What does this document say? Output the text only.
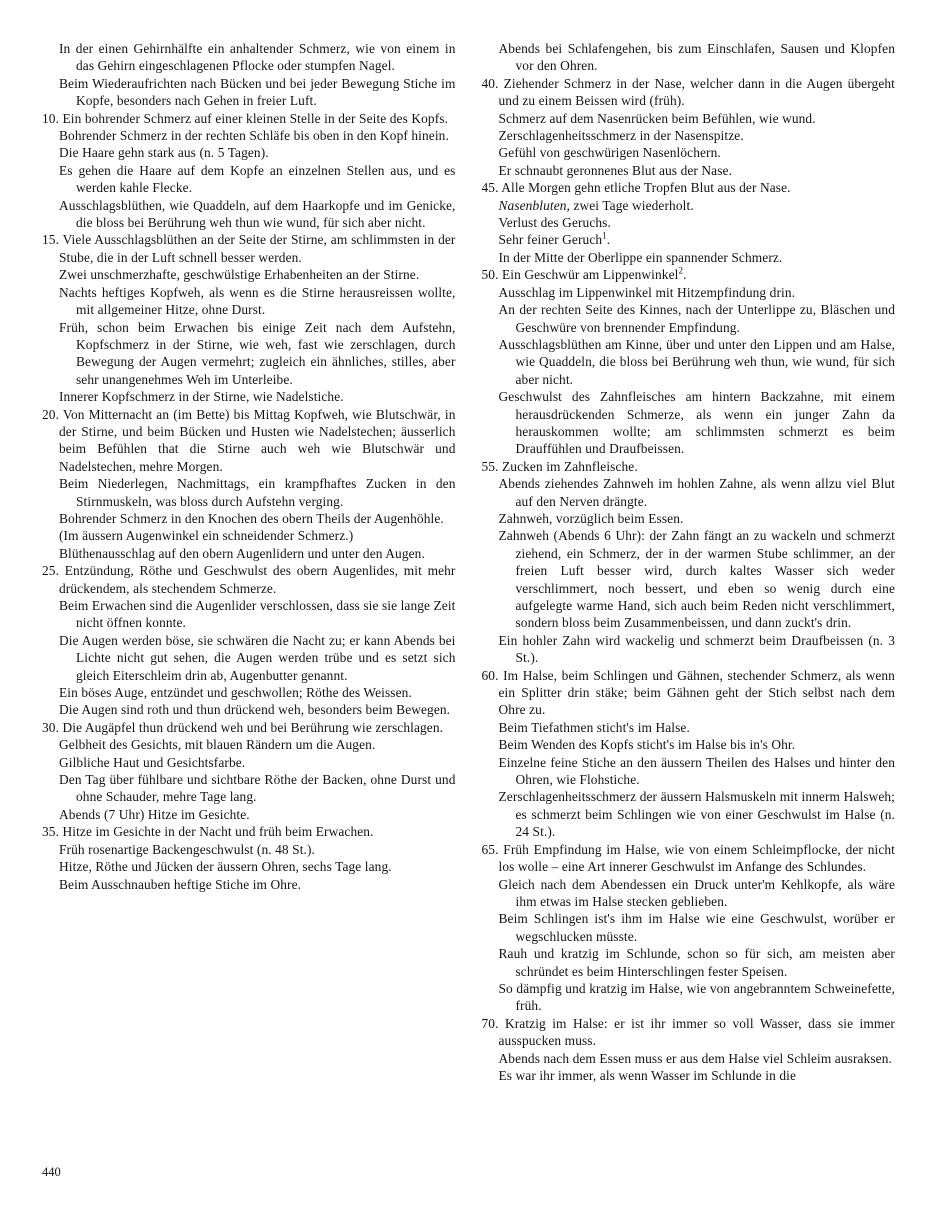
In der einen Gehirnhälfte ein anhaltender Schmerz, wie von einem in das Gehirn eingeschlagenen Pflocke oder stumpfen Nagel.

Beim Wiederaufrichten nach Bücken und bei jeder Bewegung Stiche im Kopfe, besonders nach Gehen in freier Luft.

10. Ein bohrender Schmerz auf einer kleinen Stelle in der Seite des Kopfs.

Bohrender Schmerz in der rechten Schläfe bis oben in den Kopf hinein.

Die Haare gehn stark aus (n. 5 Tagen).

Es gehen die Haare auf dem Kopfe an einzelnen Stellen aus, und es werden kahle Flecke.

Ausschlagsblüthen, wie Quaddeln, auf dem Haarkopfe und im Genicke, die bloss bei Berührung weh thun wie wund, für sich aber nicht.

15. Viele Ausschlagsblüthen an der Seite der Stirne, am schlimmsten in der Stube, die in der Luft schnell besser werden.

Zwei unschmerzhafte, geschwülstige Erhabenheiten an der Stirne.

Nachts heftiges Kopfweh, als wenn es die Stirne herausreissen wollte, mit allgemeiner Hitze, ohne Durst.

Früh, schon beim Erwachen bis einige Zeit nach dem Aufstehn, Kopfschmerz in der Stirne, wie weh, fast wie zerschlagen, durch Bewegung der Augen vermehrt; zugleich ein ähnliches, stilles, aber sehr unangenehmes Weh im Unterleibe.

Innerer Kopfschmerz in der Stirne, wie Nadelstiche.

20. Von Mitternacht an (im Bette) bis Mittag Kopfweh, wie Blutschwär, in der Stirne, und beim Bücken und Husten wie Nadelstechen; äusserlich beim Befühlen that die Stirne auch weh wie Blutschwär und Nadelstechen, mehre Morgen.

Beim Niederlegen, Nachmittags, ein krampfhaftes Zucken in den Stirnmuskeln, was bloss durch Aufstehn verging.

Bohrender Schmerz in den Knochen des obern Theils der Augenhöhle.

(Im äussern Augenwinkel ein schneidender Schmerz.)

Blüthenausschlag auf den obern Augenlidern und unter den Augen.

25. Entzündung, Röthe und Geschwulst des obern Augenlides, mit mehr drückendem, als stechendem Schmerze.

Beim Erwachen sind die Augenlider verschlossen, dass sie sie lange Zeit nicht öffnen konnte.

Die Augen werden böse, sie schwären die Nacht zu; er kann Abends bei Lichte nicht gut sehen, die Augen werden trübe und es setzt sich gleich Eiterschleim drin ab, Augenbutter genannt.

Ein böses Auge, entzündet und geschwollen; Röthe des Weissen.

Die Augen sind roth und thun drückend weh, besonders beim Bewegen.

30. Die Augäpfel thun drückend weh und bei Berührung wie zerschlagen.

Gelbheit des Gesichts, mit blauen Rändern um die Augen.

Gilbliche Haut und Gesichtsfarbe.

Den Tag über fühlbare und sichtbare Röthe der Backen, ohne Durst und ohne Schauder, mehre Tage lang.

Abends (7 Uhr) Hitze im Gesichte.

35. Hitze im Gesichte in der Nacht und früh beim Erwachen.

Früh rosenartige Backengeschwulst (n. 48 St.).

Hitze, Röthe und Jücken der äussern Ohren, sechs Tage lang.

Beim Ausschnauben heftige Stiche im Ohre.

Abends bei Schlafengehen, bis zum Einschlafen, Sausen und Klopfen vor den Ohren.

40. Ziehender Schmerz in der Nase, welcher dann in die Augen übergeht und zu einem Beissen wird (früh).

Schmerz auf dem Nasenrücken beim Befühlen, wie wund.

Zerschlagenheitsschmerz in der Nasenspitze.

Gefühl von geschwürigen Nasenlöchern.

Er schnaubt geronnenes Blut aus der Nase.

45. Alle Morgen gehn etliche Tropfen Blut aus der Nase.

Nasenbluten, zwei Tage wiederholt.

Verlust des Geruchs.

Sehr feiner Geruch$^1$.

In der Mitte der Oberlippe ein spannender Schmerz.

50. Ein Geschwür am Lippenwinkel$^2$.

Ausschlag im Lippenwinkel mit Hitzempfindung drin.

An der rechten Seite des Kinnes, nach der Unterlippe zu, Bläschen und Geschwüre von brennender Empfindung.

Ausschlagsblüthen am Kinne, über und unter den Lippen und am Halse, wie Quaddeln, die bloss bei Berührung weh thun, wie wund, für sich aber nicht.

Geschwulst des Zahnfleisches am hintern Backzahne, mit einem herausdrückenden Schmerze, als wenn ein junger Zahn da herauskommen wollte; am schlimmsten schmerzt es beim Drauffühlen und Draufbeissen.

55. Zucken im Zahnfleische.

Abends ziehendes Zahnweh im hohlen Zahne, als wenn allzu viel Blut auf den Nerven drängte.

Zahnweh, vorzüglich beim Essen.

Zahnweh (Abends 6 Uhr): der Zahn fängt an zu wackeln und schmerzt ziehend, ein Schmerz, der in der warmen Stube schlimmer, an der freien Luft besser wird, durch kaltes Wasser sich weder verschlimmert, noch bessert, und eben so wenig durch eine aufgelegte warme Hand, sich auch beim Reden nicht verschlimmert, sondern bloss beim Zusammenbeissen, und dann zuckt's drin.

Ein hohler Zahn wird wackelig und schmerzt beim Draufbeissen (n. 3 St.).

60. Im Halse, beim Schlingen und Gähnen, stechender Schmerz, als wenn ein Splitter drin stäke; beim Gähnen geht der Stich selbst nach dem Ohre zu.

Beim Tiefathmen sticht's im Halse.

Beim Wenden des Kopfs sticht's im Halse bis in's Ohr.

Einzelne feine Stiche an den äussern Theilen des Halses und hinter den Ohren, wie Flohstiche.

Zerschlagenheitsschmerz der äussern Halsmuskeln mit innerm Halsweh; es schmerzt beim Schlingen wie von einer Geschwulst im Halse (n. 24 St.).

65. Früh Empfindung im Halse, wie von einem Schleimpflocke, der nicht los wolle – eine Art innerer Geschwulst im Anfange des Schlundes.

Gleich nach dem Abendessen ein Druck unter'm Kehlkopfe, als wäre ihm etwas im Halse stecken geblieben.

Beim Schlingen ist's ihm im Halse wie eine Geschwulst, worüber er wegschlucken müsste.

Rauh und kratzig im Schlunde, schon so für sich, am meisten aber schründet es beim Hinterschlingen fester Speisen.

So dämpfig und kratzig im Halse, wie von angebranntem Schweinefette, früh.

70. Kratzig im Halse: er ist ihr immer so voll Wasser, dass sie immer ausspucken muss.

Abends nach dem Essen muss er aus dem Halse viel Schleim ausraksen.

Es war ihr immer, als wenn Wasser im Schlunde in die

440
